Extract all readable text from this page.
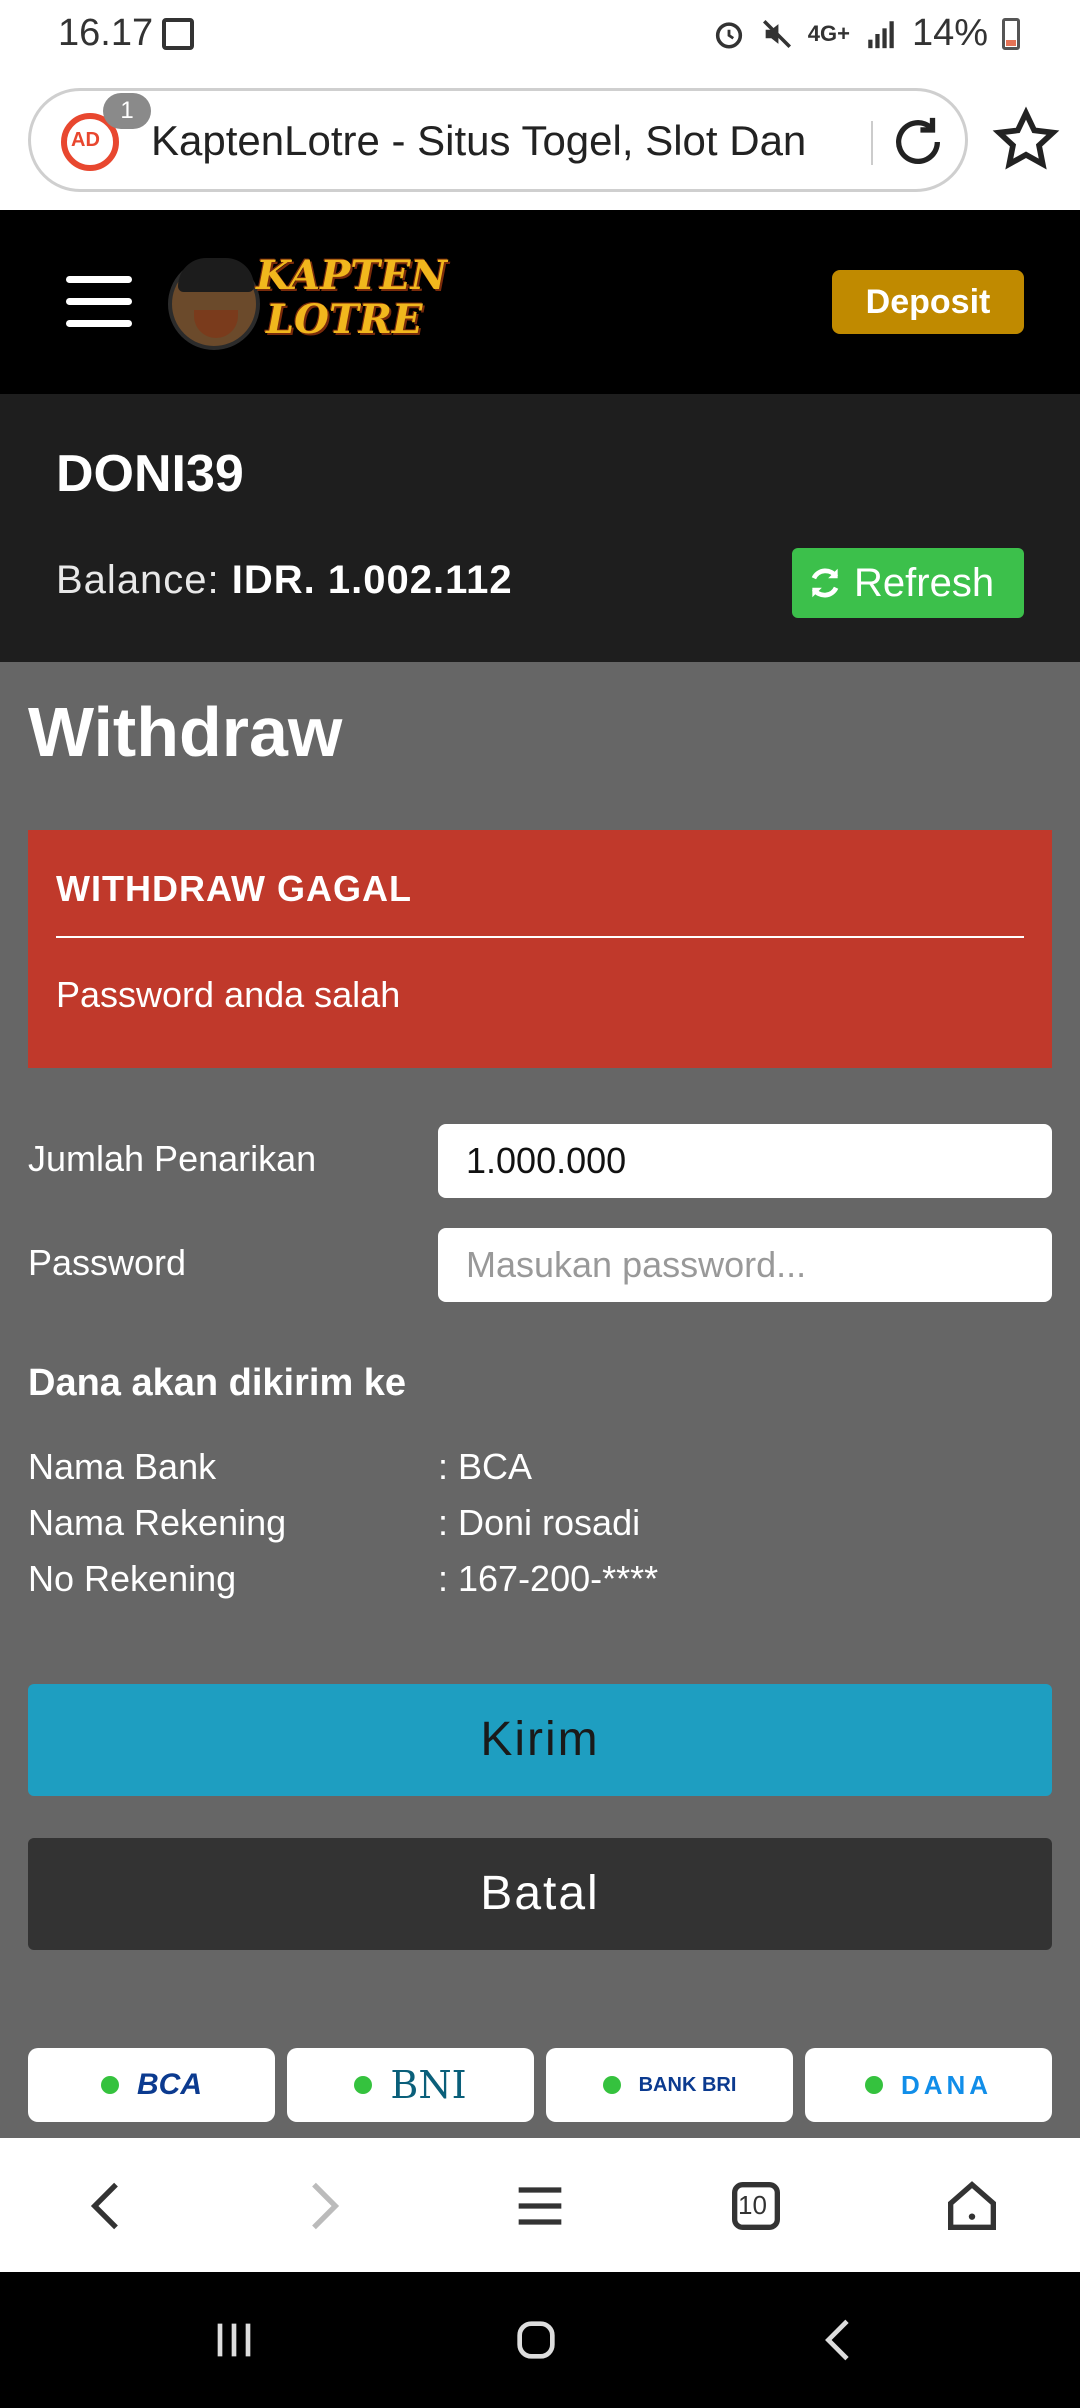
16.17	4G+ 14%
AD
1
KaptenLotre - Situs Togel, Slot Dan
KAPTEN
LOTRE	Deposit
DONI39
Balance: IDR. 1.002.112	Refresh
Withdraw
WITHDRAW GAGAL
Password anda salah
Jumlah Penarikan	1.000.000
Password
Dana akan dikirim ke
Nama Bank	: BCA
Nama Rekening	: Doni rosadi
No Rekening	: 167-200-****
Kirim
Batal
BCA	BNI	BANK BRI	DANA
10
